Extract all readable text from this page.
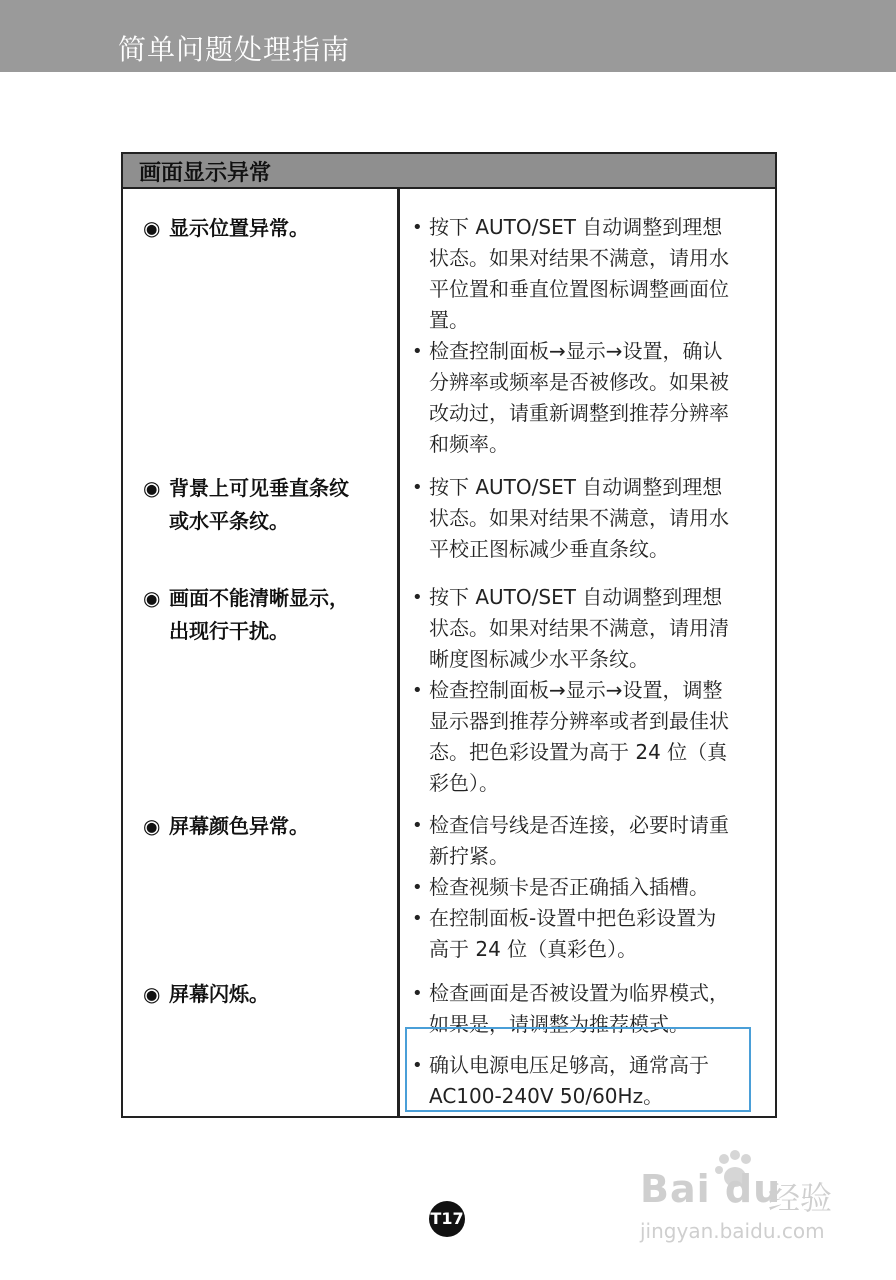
简单问题处理指南
画面显示异常
◉ 显示位置异常。	• 按下 AUTO/SET 自动调整到理想
状态。如果对结果不满意，请用水
平位置和垂直位置图标调整画面位
置。
• 检查控制面板→显示→设置，确认
分辨率或频率是否被修改。如果被
改动过，请重新调整到推荐分辨率
和频率。
◉ 背景上可见垂直条纹
或水平条纹。
• 按下 AUTO/SET 自动调整到理想
状态。如果对结果不满意，请用水
平校正图标减少垂直条纹。
◉ 画面不能清晰显示，
出现行干扰。
• 按下 AUTO/SET 自动调整到理想
状态。如果对结果不满意，请用清
晰度图标减少水平条纹。
• 检查控制面板→显示→设置，调整
显示器到推荐分辨率或者到最佳状
态。把色彩设置为高于 24 位（真
彩色）。
◉ 屏幕颜色异常。	• 检查信号线是否连接，必要时请重
新拧紧。
• 检查视频卡是否正确插入插槽。
• 在控制面板-设置中把色彩设置为
高于 24 位（真彩色）。
◉ 屏幕闪烁。	• 检查画面是否被设置为临界模式，
如果是，请调整为推荐模式。
• 确认电源电压足够高，通常高于
AC100-240V 50/60Hz。
T17
Bai du
经验
jingyan.baidu.com
